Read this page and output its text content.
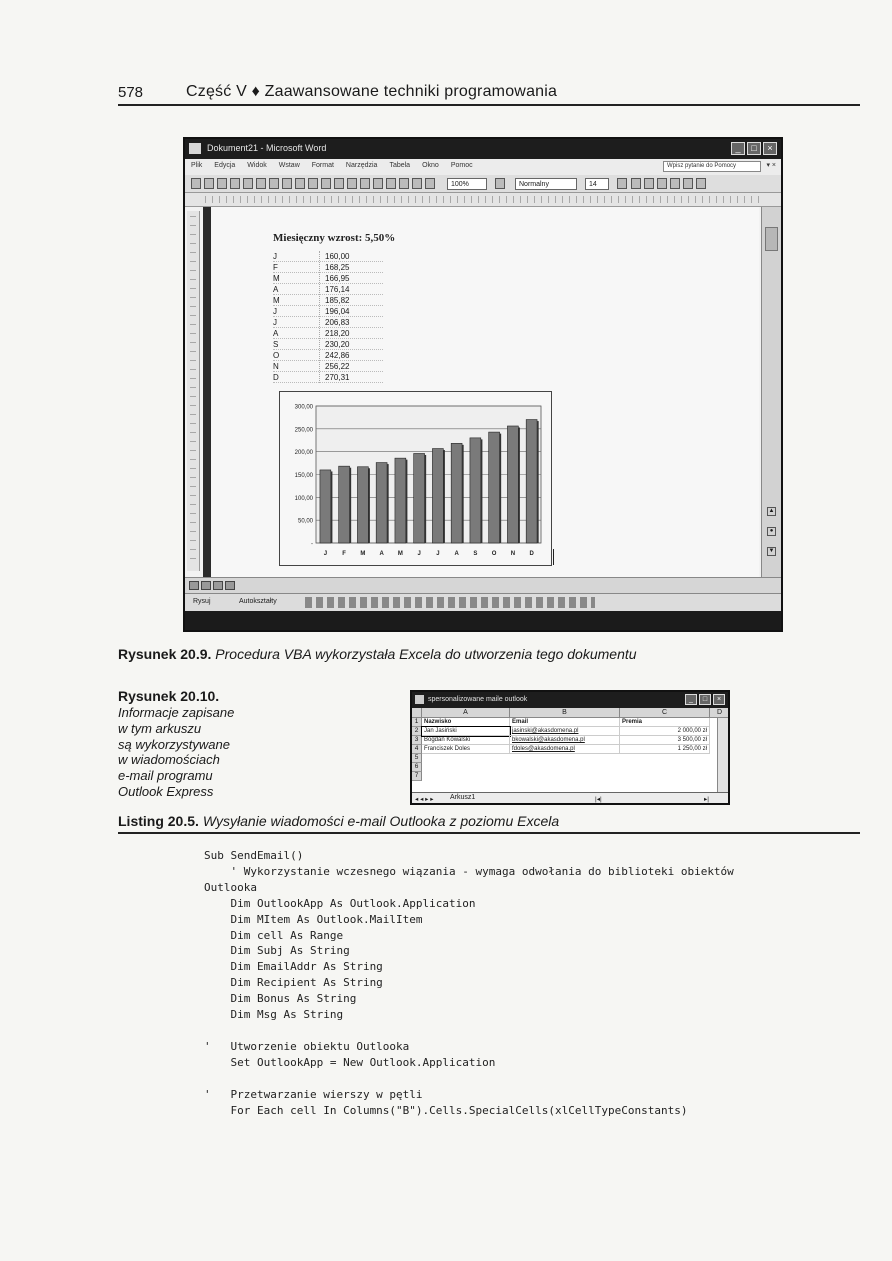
578	Część V ♦ Zaawansowane techniki programowania
Dokument21 - Microsoft Word	_	□	×
Plik Edycja Widok Wstaw Format Narzędzia Tabela Okno Pomoc	Wpisz pytanie do Pomocy	▾ ×
100%	Normalny	14
Miesięczny wzrost: 5,50%
J	160,00
F	168,25
M	166,95
A	176,14
M	185,82
J	196,04
J	206,83
A	218,20
S	230,20
O	242,86
N	256,22
D	270,31
300,00
250,00
200,00
150,00
100,00
50,00
-
J	F M A M J	J A S O N D
▲
●
▼
Rysuj	Autokształty
Rysunek 20.9. Procedura VBA wykorzystała Excela do utworzenia tego dokumentu
Rysunek 20.10.
Informacje zapisane
w tym arkuszu
są wykorzystywane
w wiadomościach
e-mail programu
Outlook Express
spersonalizowane maile outlook	_	□	×
A	B	C	D
1
2
3
4
5
6
7
Nazwisko	Email	Premia
Jan Jasiński	jasinski@akasdomena.pl	2 000,00 zł
Bogdan Kowalski	bkowalski@akasdomena.pl	3 500,00 zł
Franciszek Doles	fdoles@akasdomena.pl	1 250,00 zł
◂ ◂ ▸ ▸ Arkusz1	|◂|	▸|
Listing 20.5. Wysyłanie wiadomości e-mail Outlooka z poziomu Excela
Sub SendEmail()
' Wykorzystanie wczesnego wiązania - wymaga odwołania do biblioteki obiektów
Outlooka
Dim OutlookApp As Outlook.Application
Dim MItem As Outlook.MailItem
Dim cell As Range
Dim Subj As String
Dim EmailAddr As String
Dim Recipient As String
Dim Bonus As String
Dim Msg As String

'   Utworzenie obiektu Outlooka
Set OutlookApp = New Outlook.Application

'   Przetwarzanie wierszy w pętli
For Each cell In Columns("B").Cells.SpecialCells(xlCellTypeConstants)
